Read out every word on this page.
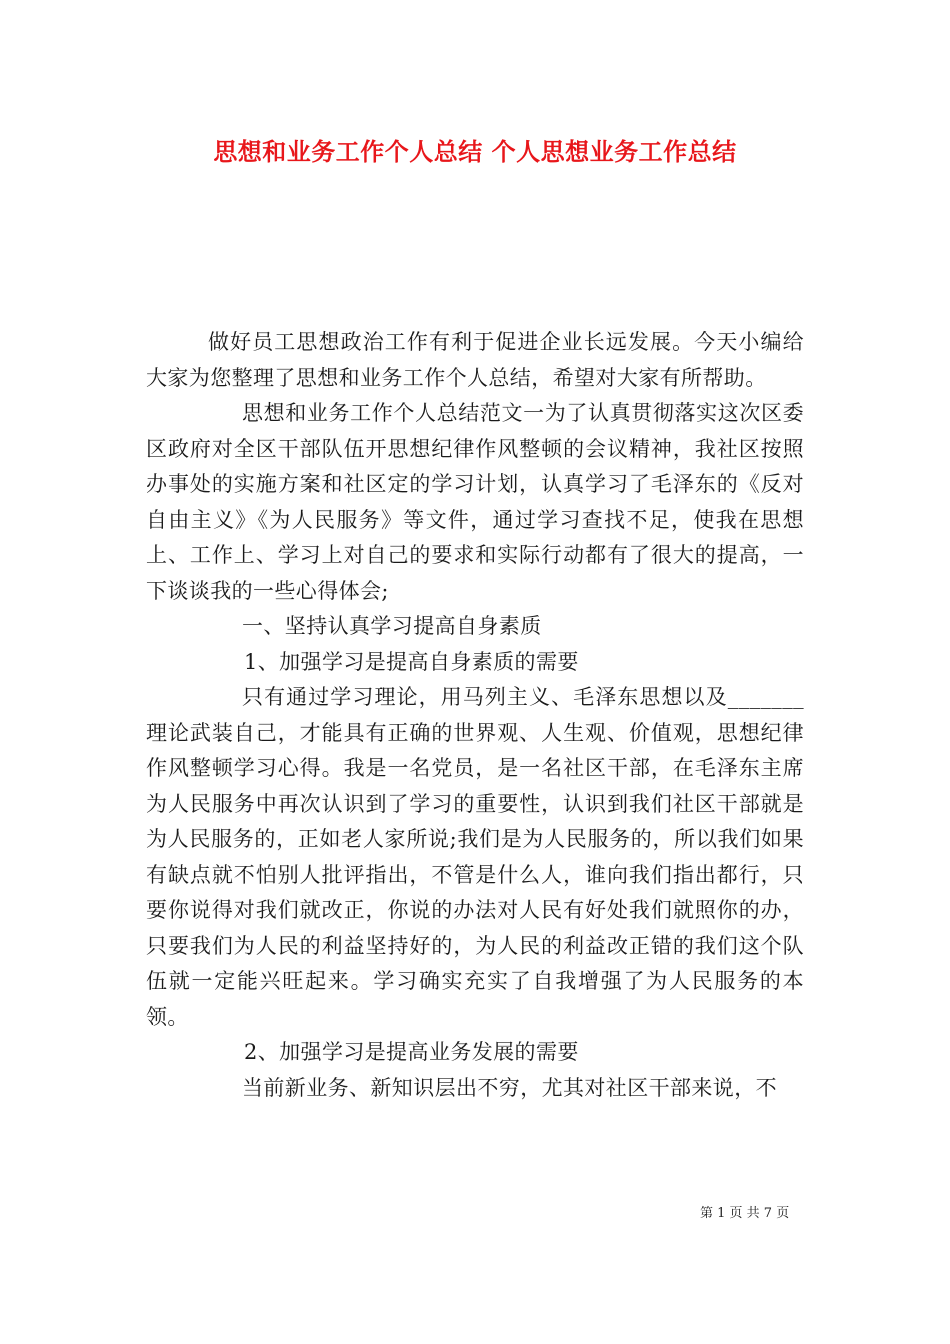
思想和业务工作个人总结 个人思想业务工作总结

做好员工思想政治工作有利于促进企业长远发展。今天小编给大家为您整理了思想和业务工作个人总结，希望对大家有所帮助。

思想和业务工作个人总结范文一为了认真贯彻落实这次区委区政府对全区干部队伍开思想纪律作风整顿的会议精神，我社区按照办事处的实施方案和社区定的学习计划，认真学习了毛泽东的《反对自由主义》《为人民服务》等文件，通过学习查找不足，使我在思想上、工作上、学习上对自己的要求和实际行动都有了很大的提高，一下谈谈我的一些心得体会;

一、坚持认真学习提高自身素质

1、加强学习是提高自身素质的需要

只有通过学习理论，用马列主义、毛泽东思想以及_______理论武装自己，才能具有正确的世界观、人生观、价值观，思想纪律作风整顿学习心得。我是一名党员，是一名社区干部，在毛泽东主席为人民服务中再次认识到了学习的重要性，认识到我们社区干部就是为人民服务的，正如老人家所说;我们是为人民服务的，所以我们如果有缺点就不怕别人批评指出，不管是什么人，谁向我们指出都行，只要你说得对我们就改正，你说的办法对人民有好处我们就照你的办，只要我们为人民的利益坚持好的，为人民的利益改正错的我们这个队伍就一定能兴旺起来。学习确实充实了自我增强了为人民服务的本领。

2、加强学习是提高业务发展的需要

当前新业务、新知识层出不穷，尤其对社区干部来说，不

第 1 页 共 7 页
